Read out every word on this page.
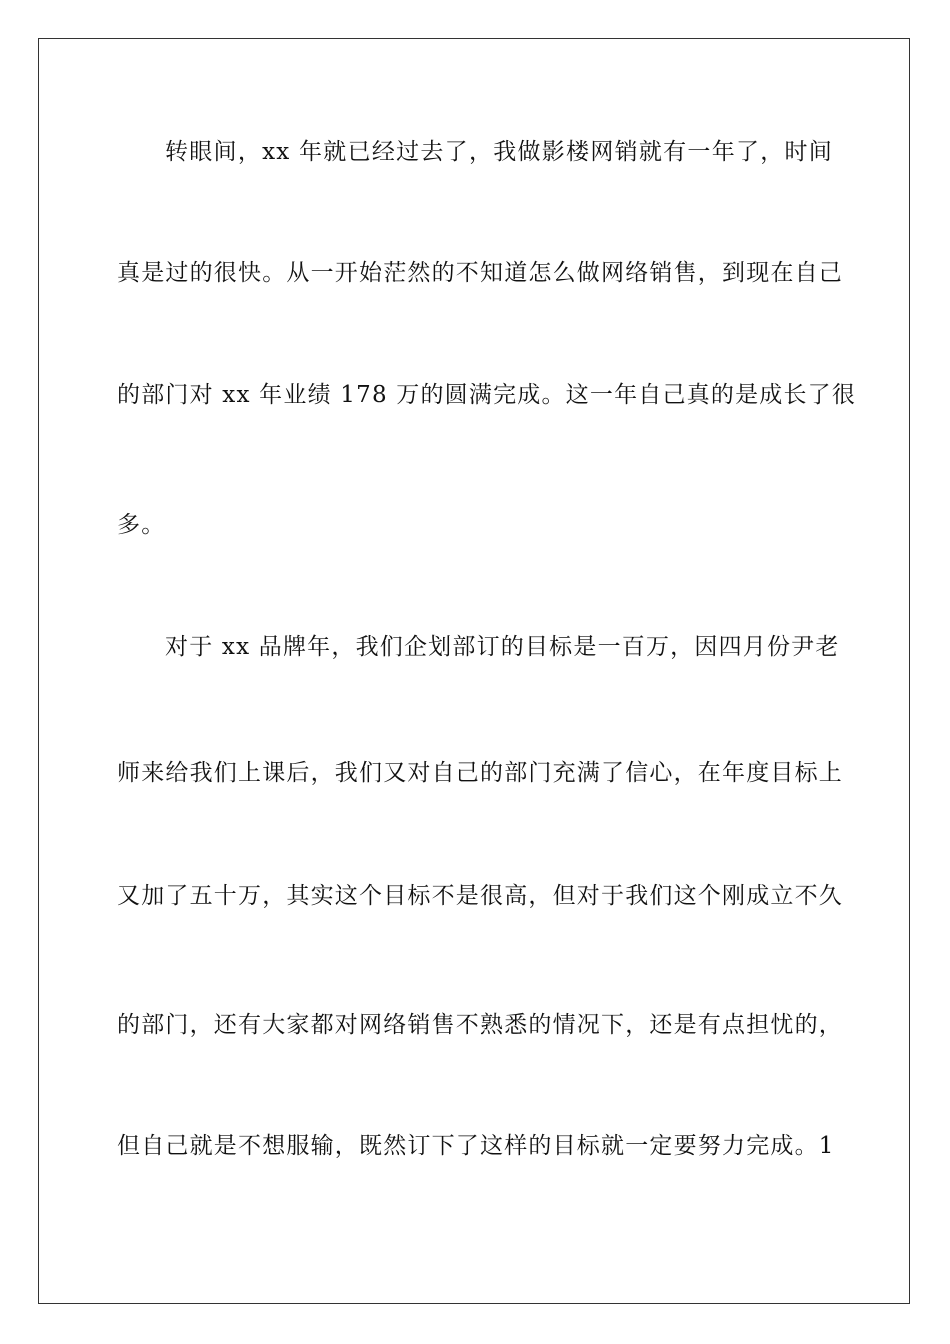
转眼间，xx 年就已经过去了，我做影楼网销就有一年了，时间
真是过的很快。从一开始茫然的不知道怎么做网络销售，到现在自己
的部门对 xx 年业绩 178 万的圆满完成。这一年自己真的是成长了很
多。
对于 xx 品牌年，我们企划部订的目标是一百万，因四月份尹老
师来给我们上课后，我们又对自己的部门充满了信心，在年度目标上
又加了五十万，其实这个目标不是很高，但对于我们这个刚成立不久
的部门，还有大家都对网络销售不熟悉的情况下，还是有点担忧的，
但自己就是不想服输，既然订下了这样的目标就一定要努力完成。1
